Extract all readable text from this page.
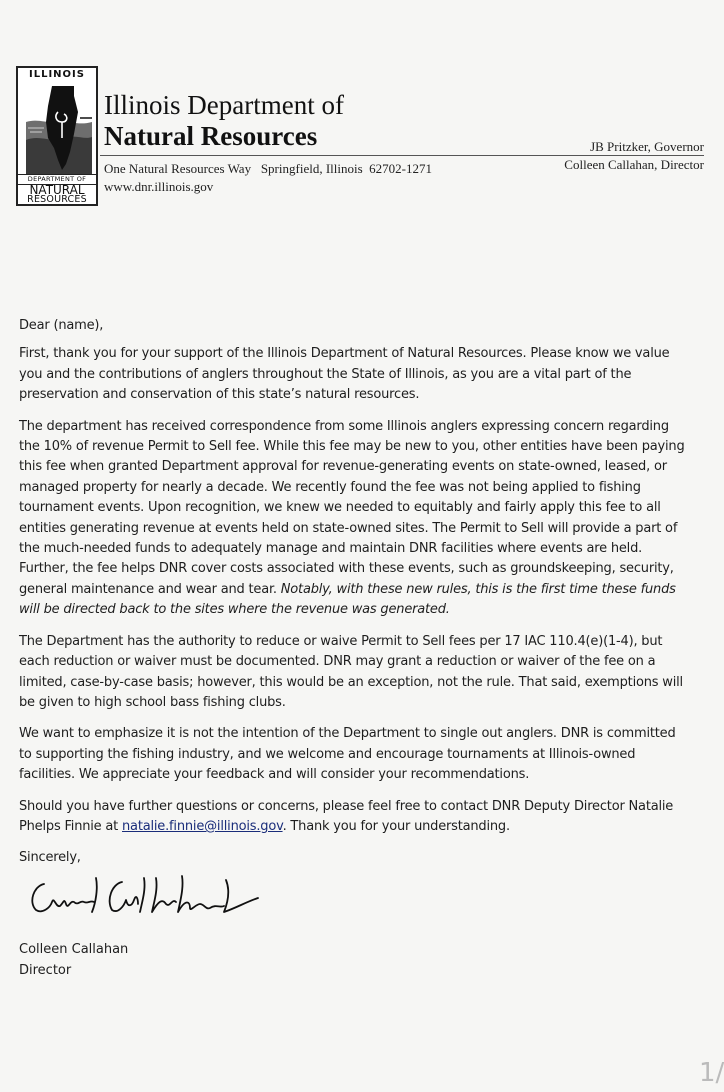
ILLINOIS
DEPARTMENT OF
NATURAL
RESOURCES
Illinois Department of
Natural Resources
One Natural Resources Way   Springfield, Illinois  62702-1271
www.dnr.illinois.gov
JB Pritzker, Governor
Colleen Callahan, Director

Dear (name),

First, thank you for your support of the Illinois Department of Natural Resources. Please know we value you and the contributions of anglers throughout the State of Illinois, as you are a vital part of the preservation and conservation of this state’s natural resources.

The department has received correspondence from some Illinois anglers expressing concern regarding the 10% of revenue Permit to Sell fee. While this fee may be new to you, other entities have been paying this fee when granted Department approval for revenue-generating events on state-owned, leased, or managed property for nearly a decade. We recently found the fee was not being applied to fishing tournament events. Upon recognition, we knew we needed to equitably and fairly apply this fee to all entities generating revenue at events held on state-owned sites. The Permit to Sell will provide a part of the much-needed funds to adequately manage and maintain DNR facilities where events are held. Further, the fee helps DNR cover costs associated with these events, such as groundskeeping, security, general maintenance and wear and tear. Notably, with these new rules, this is the first time these funds will be directed back to the sites where the revenue was generated.

The Department has the authority to reduce or waive Permit to Sell fees per 17 IAC 110.4(e)(1-4), but each reduction or waiver must be documented. DNR may grant a reduction or waiver of the fee on a limited, case-by-case basis; however, this would be an exception, not the rule. That said, exemptions will be given to high school bass fishing clubs.

We want to emphasize it is not the intention of the Department to single out anglers. DNR is committed to supporting the fishing industry, and we welcome and encourage tournaments at Illinois-owned facilities. We appreciate your feedback and will consider your recommendations.

Should you have further questions or concerns, please feel free to contact DNR Deputy Director Natalie Phelps Finnie at natalie.finnie@illinois.gov. Thank you for your understanding.

Sincerely,

Colleen Callahan
Director
1/
